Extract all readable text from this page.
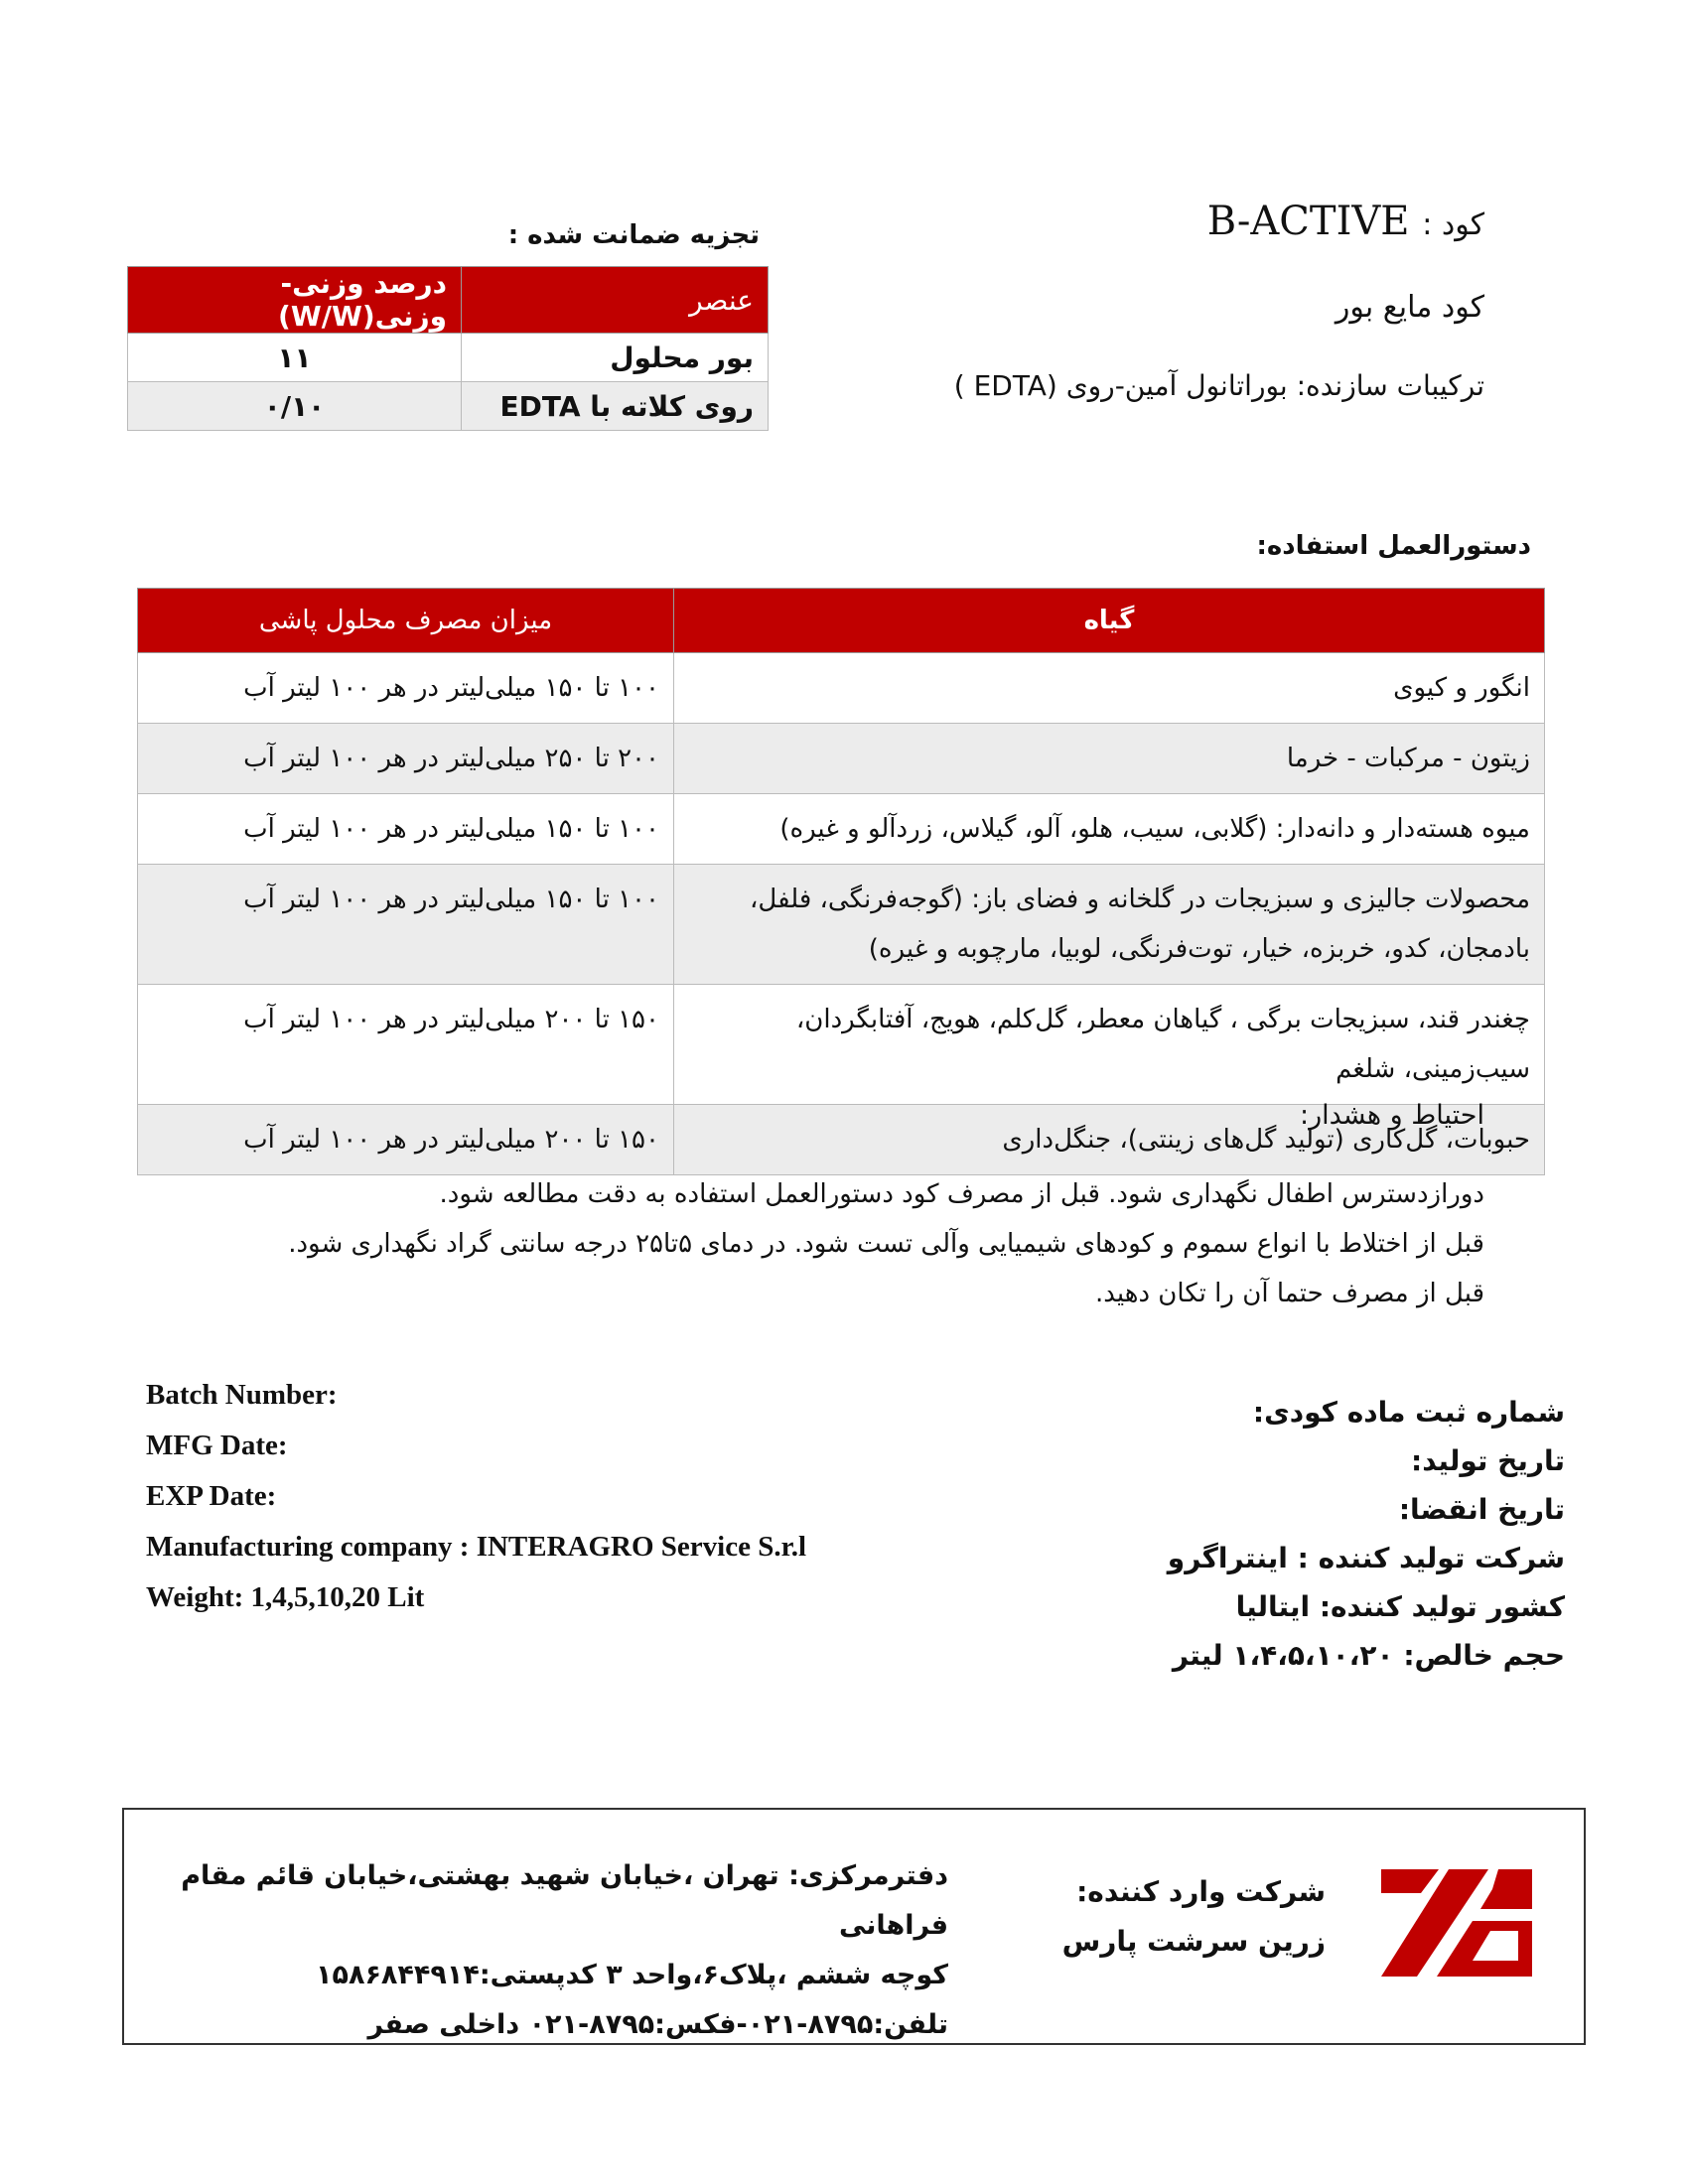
کود : B-ACTIVE
کود مایع بور
ترکیبات سازنده: بوراتانول آمین-روی (EDTA )
تجزیه ضمانت شده :
عنصر	درصد وزنی-وزنی(W/W)
بور محلول	۱۱
روی کلاته با EDTA	۰/۱۰
دستورالعمل استفاده:
گیاه	میزان مصرف محلول پاشی
انگور و کیوی	۱۰۰ تا ۱۵۰ میلی‌لیتر در هر ۱۰۰ لیتر آب
زیتون - مرکبات - خرما	۲۰۰ تا ۲۵۰ میلی‌لیتر در هر ۱۰۰ لیتر آب
میوه هسته‌دار و دانه‌دار: (گلابی، سیب، هلو، آلو، گیلاس، زردآلو و غیره)	۱۰۰ تا ۱۵۰ میلی‌لیتر در هر ۱۰۰ لیتر آب
محصولات جالیزی و سبزیجات در گلخانه و فضای باز: (گوجه‌فرنگی، فلفل، بادمجان، کدو، خربزه، خیار، توت‌فرنگی، لوبیا، مارچوبه و غیره)	۱۰۰ تا ۱۵۰ میلی‌لیتر در هر ۱۰۰ لیتر آب
چغندر قند، سبزیجات برگی ، گیاهان معطر، گل‌کلم، هویج، آفتابگردان، سیب‌زمینی، شلغم	۱۵۰ تا ۲۰۰ میلی‌لیتر در هر ۱۰۰ لیتر آب
حبوبات، گل‌کاری (تولید گل‌های زینتی)، جنگل‌داری	۱۵۰ تا ۲۰۰ میلی‌لیتر در هر ۱۰۰ لیتر آب
احتیاط و هشدار:
دورازدسترس اطفال نگهداری شود. قبل از مصرف کود دستورالعمل استفاده به دقت مطالعه شود.
قبل از اختلاط با انواع سموم و کودهای شیمیایی وآلی تست شود. در دمای ۵تا۲۵ درجه سانتی گراد نگهداری شود.
قبل از مصرف حتما آن را تکان دهید.
شماره ثبت ماده کودی:
تاریخ تولید:
تاریخ انقضا:
شرکت تولید کننده : اینتراگرو
کشور تولید کننده: ایتالیا
حجم خالص: ۱،۴،۵،۱۰،۲۰ لیتر
Batch Number:
MFG Date:
EXP Date:
Manufacturing company : INTERAGRO Service S.r.l
Weight: 1,4,5,10,20 Lit
شرکت وارد کننده:
زرین سرشت پارس
دفترمرکزی: تهران ،خیابان شهید بهشتی،خیابان قائم مقام فراهانی
کوچه ششم ،پلاک۶،واحد ۳ کدپستی:۱۵۸۶۸۴۴۹۱۴
تلفن:۸۷۹۵-۰۲۱-فکس:۸۷۹۵-۰۲۱ داخلی صفر
